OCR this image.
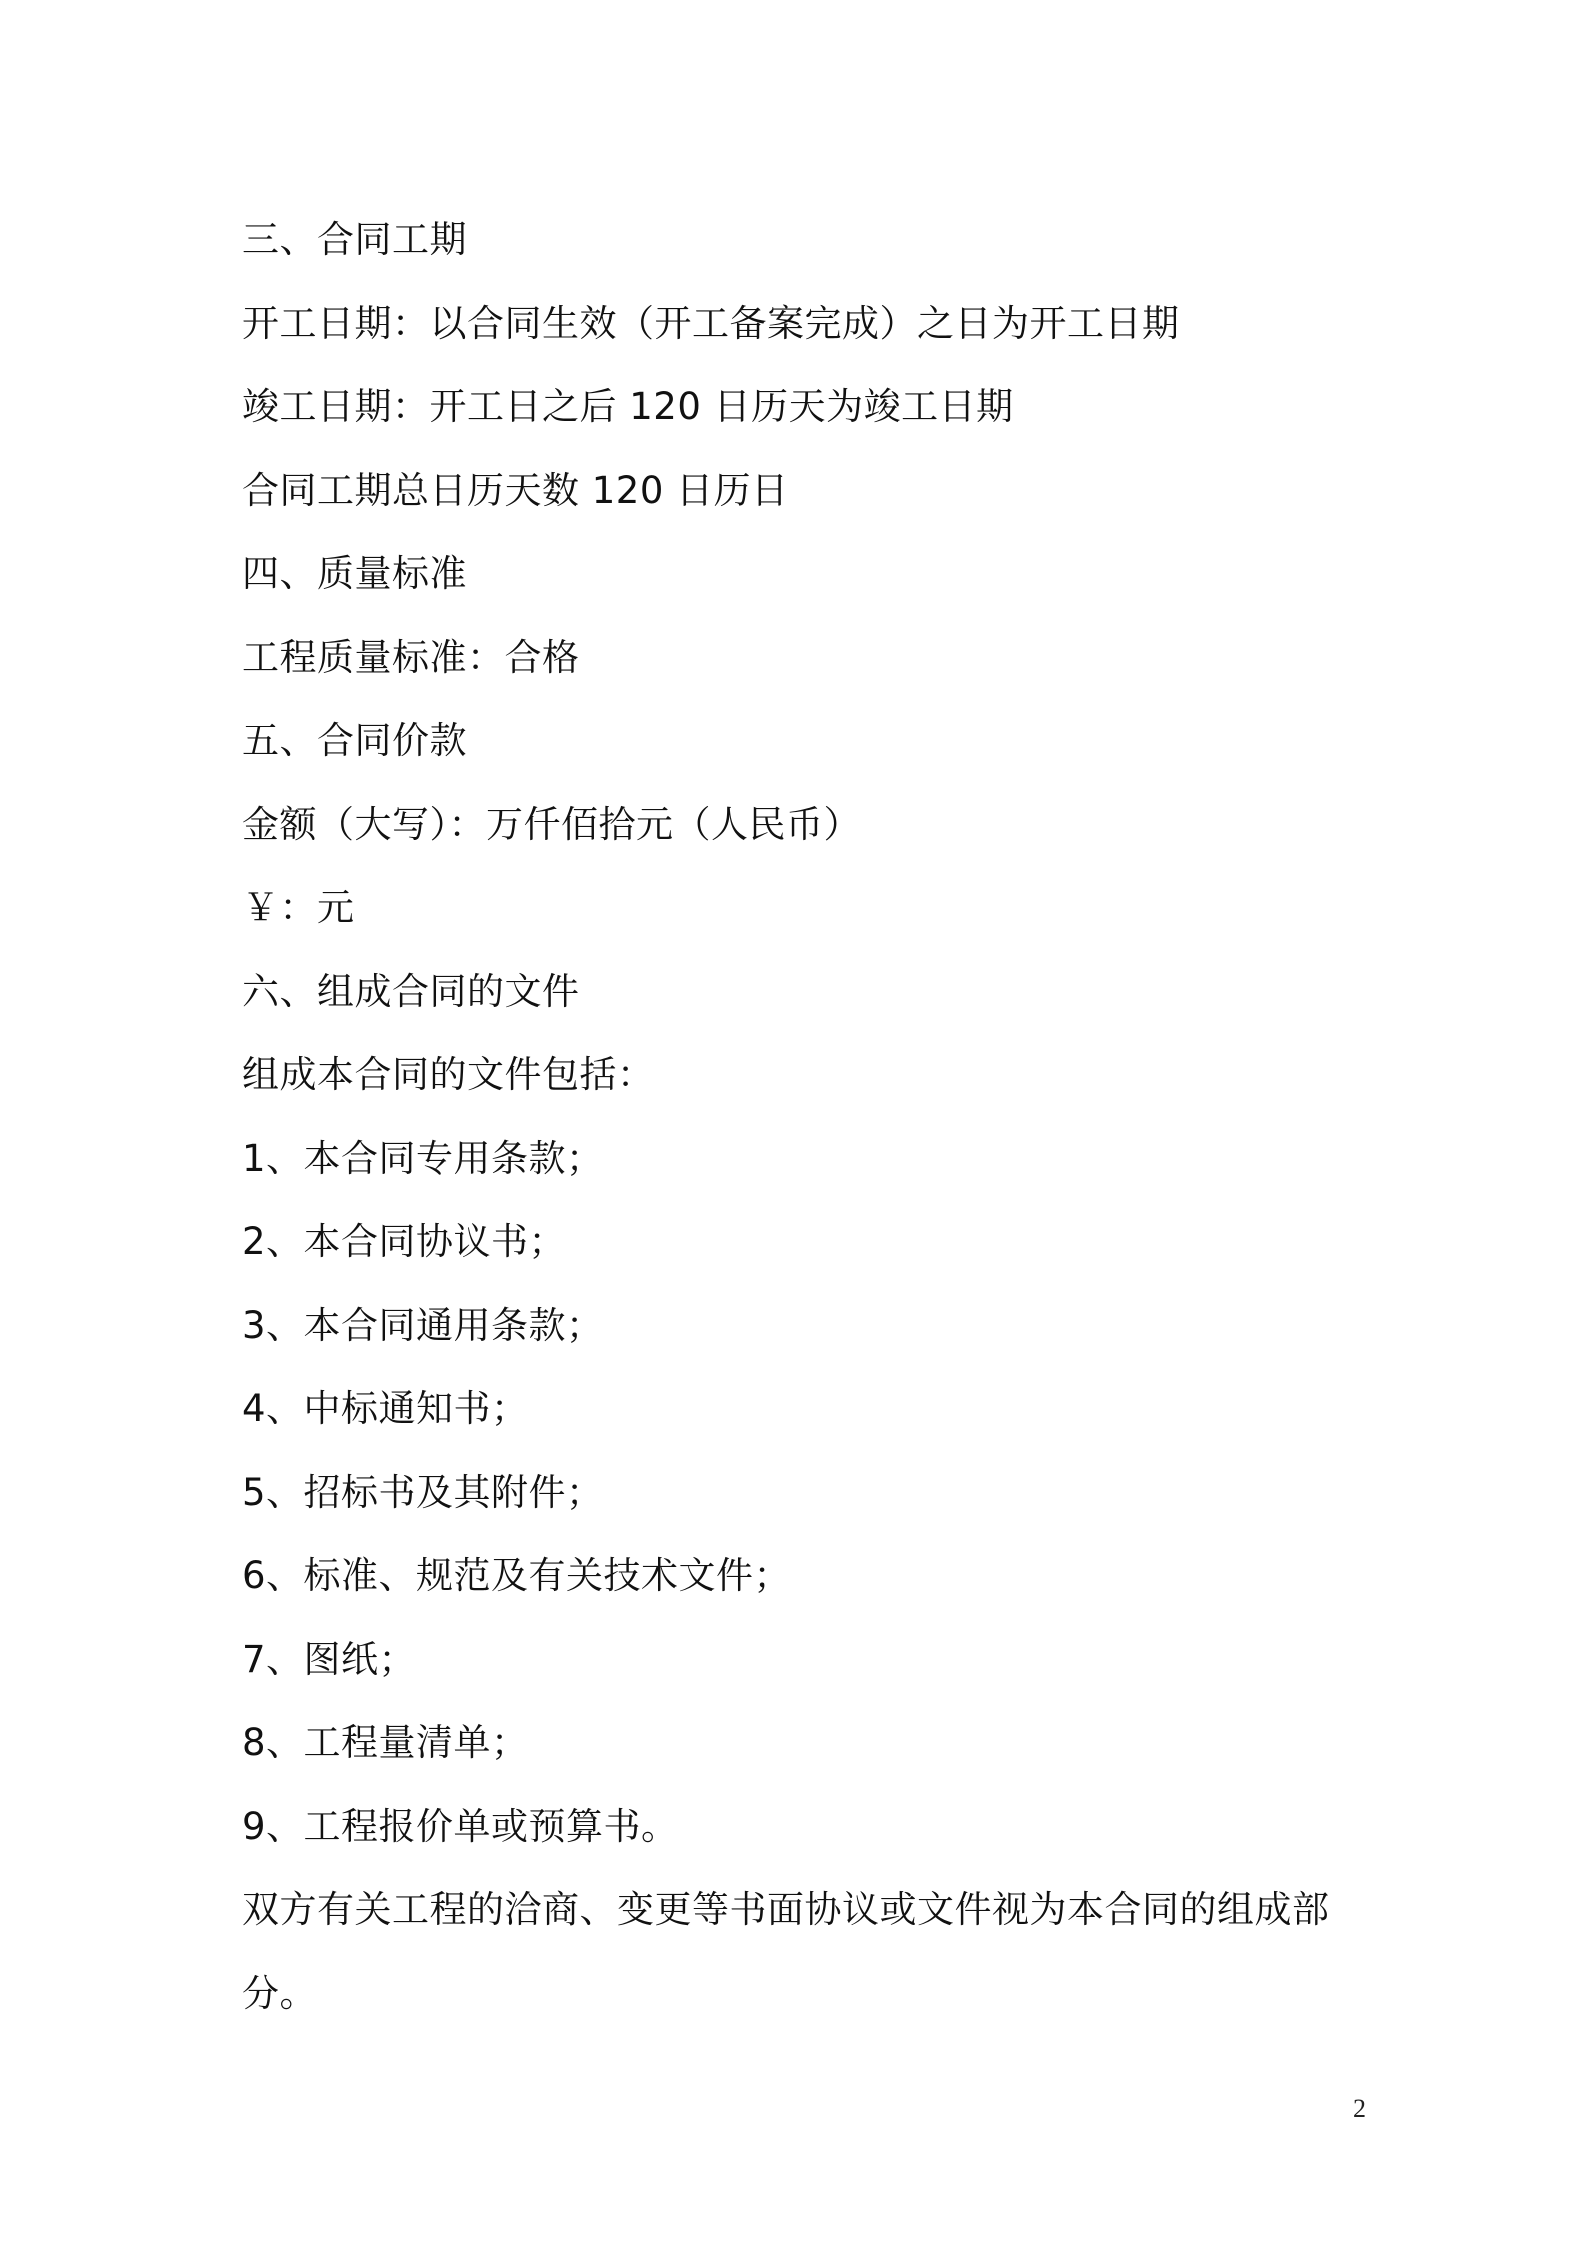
三、合同工期
开工日期：以合同生效（开工备案完成）之日为开工日期
竣工日期：开工日之后 120 日历天为竣工日期
合同工期总日历天数 120 日历日
四、质量标准
工程质量标准：合格
五、合同价款
金额（大写）：万仟佰拾元（人民币）
￥：元
六、组成合同的文件
组成本合同的文件包括：
1、本合同专用条款；
2、本合同协议书；
3、本合同通用条款；
4、中标通知书；
5、招标书及其附件；
6、标准、规范及有关技术文件；
7、图纸；
8、工程量清单；
9、工程报价单或预算书。
双方有关工程的洽商、变更等书面协议或文件视为本合同的组成部分。
2
